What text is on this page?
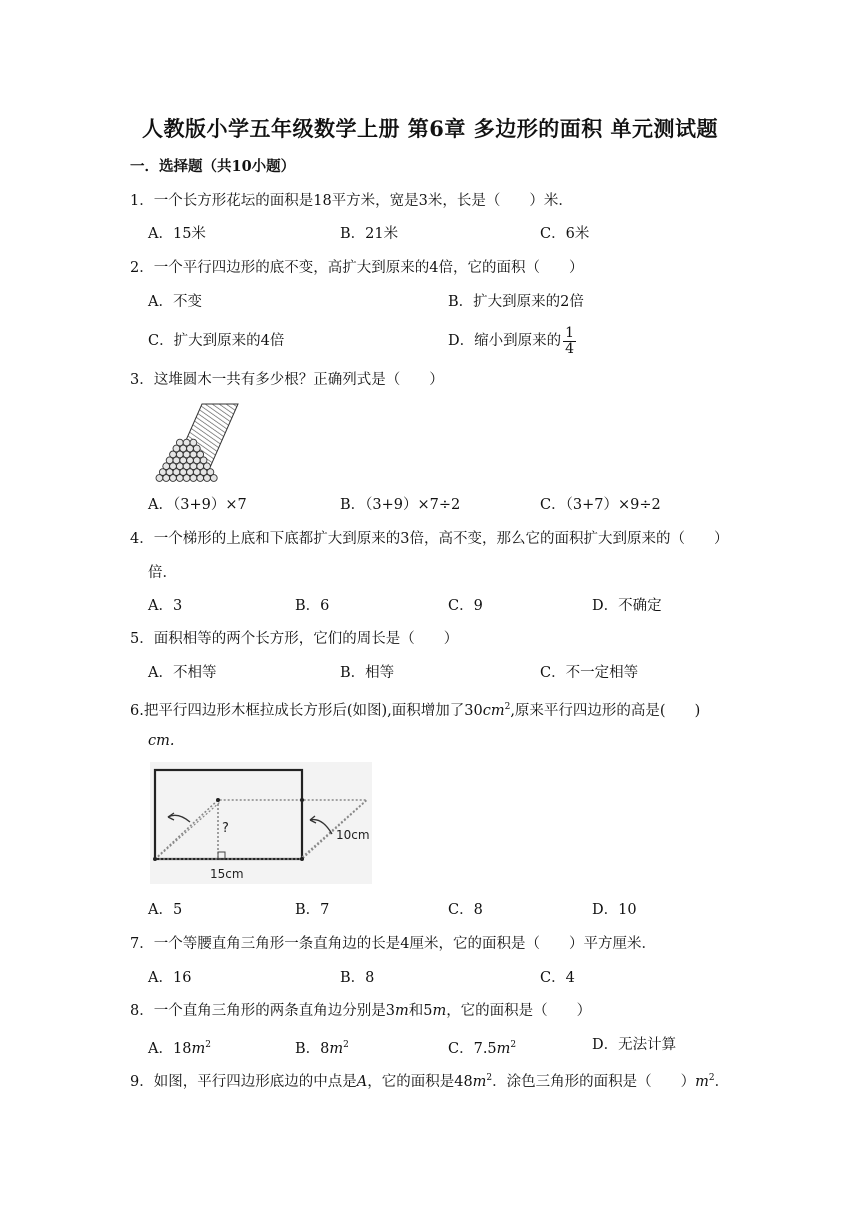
人教版小学五年级数学上册 第6章 多边形的面积 单元测试题
一．选择题（共10小题）
1．一个长方形花坛的面积是18平方米，宽是3米，长是（　　）米．
A．15米	B．21米	C．6米
2．一个平行四边形的底不变，高扩大到原来的4倍，它的面积（　　）
A．不变	B．扩大到原来的2倍
C．扩大到原来的4倍	D．缩小到原来的 $\frac{1}{4}$
3．这堆圆木一共有多少根？正确列式是（　　）
A．（3+9）×7	B．（3+9）×7÷2	C．（3+7）×9÷2
4．一个梯形的上底和下底都扩大到原来的3倍，高不变，那么它的面积扩大到原来的（　　）
倍．
A．3	B．6	C．9	D．不确定
5．面积相等的两个长方形，它们的周长是（　　）
A．不相等	B．相等	C．不一定相等
6.把平行四边形木框拉成长方形后(如图),面积增加了$30cm^2$,原来平行四边形的高是(　　)
cm.
?
15cm
10cm
A．5	B．7	C．8	D．10
7．一个等腰直角三角形一条直角边的长是4厘米，它的面积是（　　）平方厘米．
A．16	B．8	C．4
8．一个直角三角形的两条直角边分别是3m和5m，它的面积是（　　）
A．$18m^2$	B．$8m^2$	C．$7.5m^2$	D．无法计算
9．如图，平行四边形底边的中点是A，它的面积是$48m^2$．涂色三角形的面积是（　　）$m^2$．
